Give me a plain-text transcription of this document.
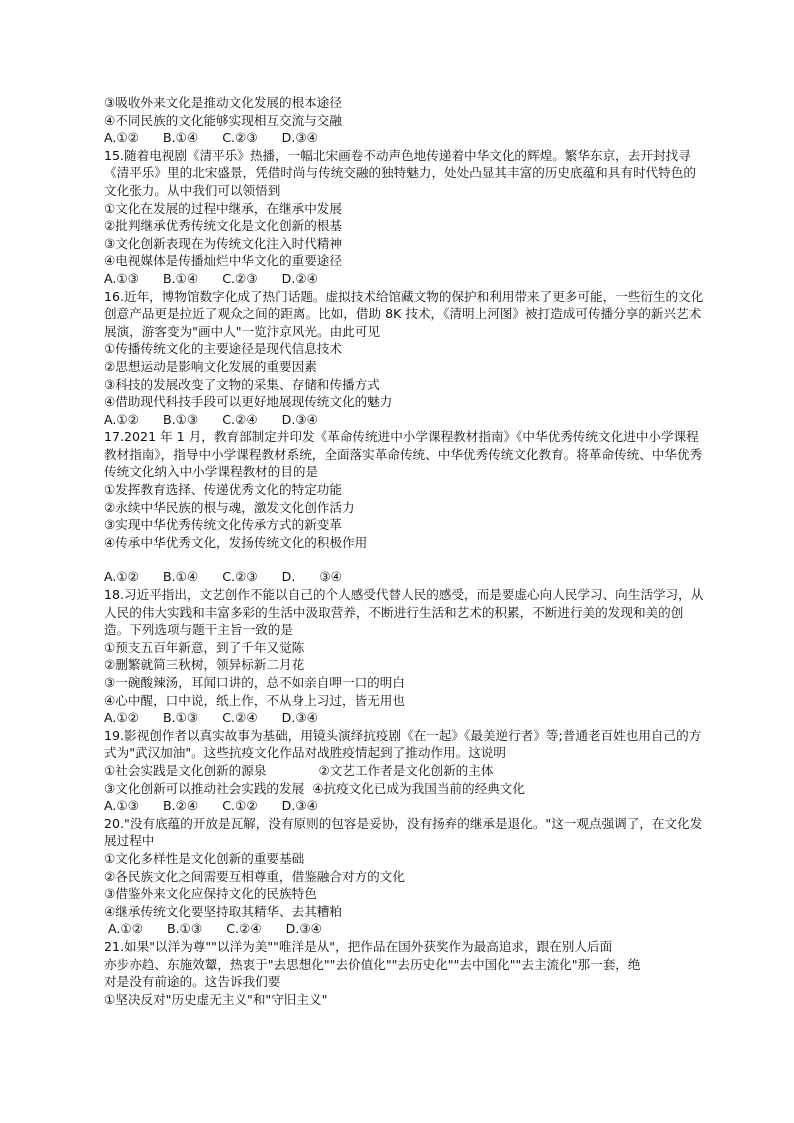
③吸收外来文化是推动文化发展的根本途径
④不同民族的文化能够实现相互交流与交融
A.①②      B.①④      C.②③      D.③④
15.随着电视剧《清平乐》热播，一幅北宋画卷不动声色地传递着中华文化的辉煌。繁华东京，去开封找寻《清平乐》里的北宋盛景，凭借时尚与传统交融的独特魅力，处处凸显其丰富的历史底蕴和具有时代特色的文化张力。从中我们可以领悟到
①文化在发展的过程中继承，在继承中发展
②批判继承优秀传统文化是文化创新的根基
③文化创新表现在为传统文化注入时代精神
④电视媒体是传播灿烂中华文化的重要途径
A.①③      B.①④      C.②③      D.②④
16.近年，博物馆数字化成了热门话题。虚拟技术给馆藏文物的保护和利用带来了更多可能，一些衍生的文化创意产品更是拉近了观众之间的距离。比如，借助 8K 技术，《清明上河图》被打造成可传播分享的新兴艺术展演，游客变为"画中人"一览汴京风光。由此可见
①传播传统文化的主要途径是现代信息技术
②思想运动是影响文化发展的重要因素
③科技的发展改变了文物的采集、存储和传播方式
④借助现代科技手段可以更好地展现传统文化的魅力
A.①②      B.①③      C.②④      D.③④
17.2021 年 1 月，教育部制定并印发《革命传统进中小学课程教材指南》《中华优秀传统文化进中小学课程教材指南》，指导中小学课程教材系统，全面落实革命传统、中华优秀传统文化教育。将革命传统、中华优秀传统文化纳入中小学课程教材的目的是
①发挥教育选择、传递优秀文化的特定功能
②永续中华民族的根与魂，激发文化创作活力
③实现中华优秀传统文化传承方式的新变革
④传承中华优秀文化，发扬传统文化的积极作用
A.①②      B.①④      C.②③      D.      ③④
18.习近平指出，文艺创作不能以自己的个人感受代替人民的感受，而是要虚心向人民学习、向生活学习，从人民的伟大实践和丰富多彩的生活中汲取营养，不断进行生活和艺术的积累，不断进行美的发现和美的创造。下列选项与题干主旨一致的是
①预支五百年新意，到了千年又觉陈
②删繁就简三秋树，领异标新二月花
③一碗酸辣汤，耳闻口讲的，总不如亲自呷一口的明白
④心中醒，口中说，纸上作，不从身上习过，皆无用也
A.①②      B.①③      C.②④      D.③④
19.影视创作者以真实故事为基础，用镜头演绎抗疫剧《在一起》《最美逆行者》等;普通老百姓也用自己的方式为"武汉加油"。这些抗疫文化作品对战胜疫情起到了推动作用。这说明
①社会实践是文化创新的源泉             ②文艺工作者是文化创新的主体
③文化创新可以推动社会实践的发展  ④抗疫文化已成为我国当前的经典文化
A.①③      B.②④      C.①②      D.③④
20."没有底蕴的开放是瓦解，没有原则的包容是妥协，没有扬弃的继承是退化。"这一观点强调了，在文化发展过程中
①文化多样性是文化创新的重要基础
②各民族文化之间需要互相尊重，借鉴融合对方的文化
③借鉴外来文化应保持文化的民族特色
④继承传统文化要坚持取其精华、去其糟粕
A.①②      B.①③      C.②④      D.③④
21.如果"以洋为尊""以洋为美""唯洋是从"，把作品在国外获奖作为最高追求，跟在别人后面
亦步亦趋、东施效颦，热衷于"去思想化""去价值化""去历史化""去中国化""去主流化"那一套，绝
对是没有前途的。这告诉我们要
①坚决反对"历史虚无主义"和"守旧主义"
